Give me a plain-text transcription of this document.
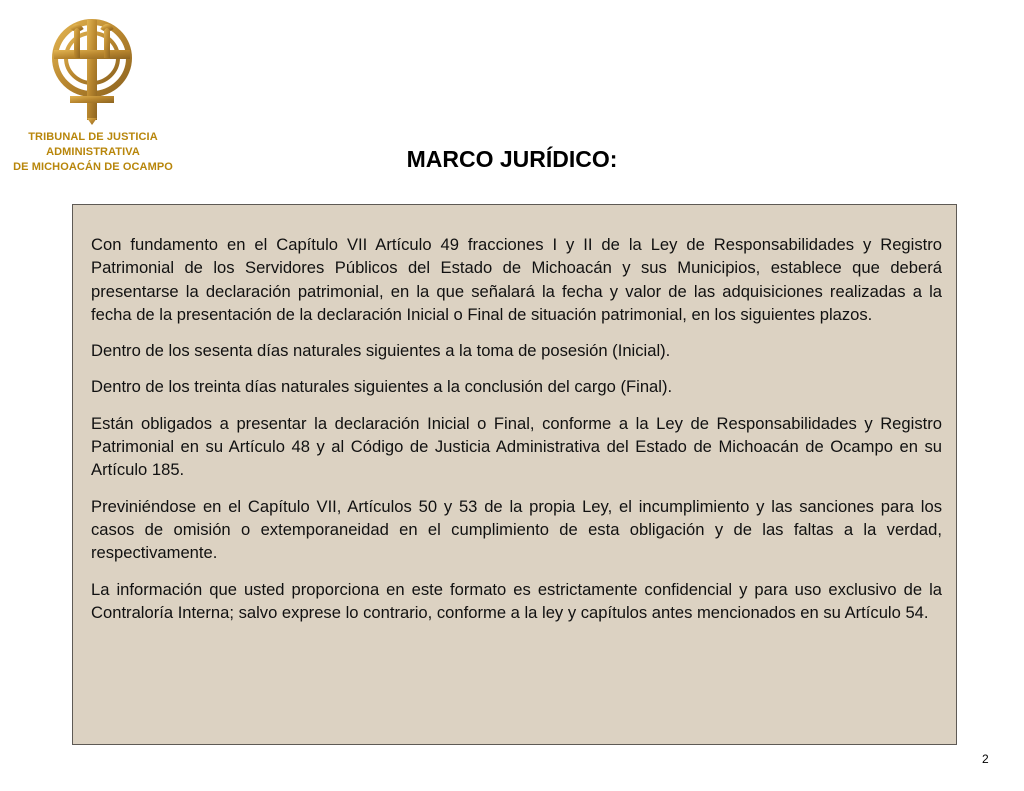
TRIBUNAL DE JUSTICIA
ADMINISTRATIVA
DE MICHOACÁN DE OCAMPO	MARCO JURÍDICO:

Con fundamento en el Capítulo VII Artículo 49 fracciones I y II de la Ley de Responsabilidades y Registro Patrimonial de los Servidores Públicos del Estado de Michoacán y sus Municipios, establece que deberá presentarse la declaración patrimonial, en la que señalará la fecha y valor de las adquisiciones realizadas a la fecha de la presentación de la declaración Inicial o Final de situación patrimonial, en los siguientes plazos.

Dentro de los sesenta días naturales siguientes a la toma de posesión (Inicial).

Dentro de los treinta días naturales siguientes a la conclusión del cargo (Final).

Están obligados a presentar la declaración Inicial o Final, conforme a la Ley de Responsabilidades y Registro Patrimonial en su Artículo 48 y al Código de Justicia Administrativa del Estado de Michoacán de Ocampo en su Artículo 185.

Previniéndose en el Capítulo VII, Artículos 50 y 53 de la propia Ley, el incumplimiento y las sanciones para los casos de omisión o extemporaneidad en el cumplimiento de esta obligación y de las faltas a la verdad, respectivamente.

La información que usted proporciona en este formato es estrictamente confidencial y para uso exclusivo de la Contraloría Interna; salvo exprese lo contrario, conforme a la ley y capítulos antes mencionados en su Artículo 54.

2
